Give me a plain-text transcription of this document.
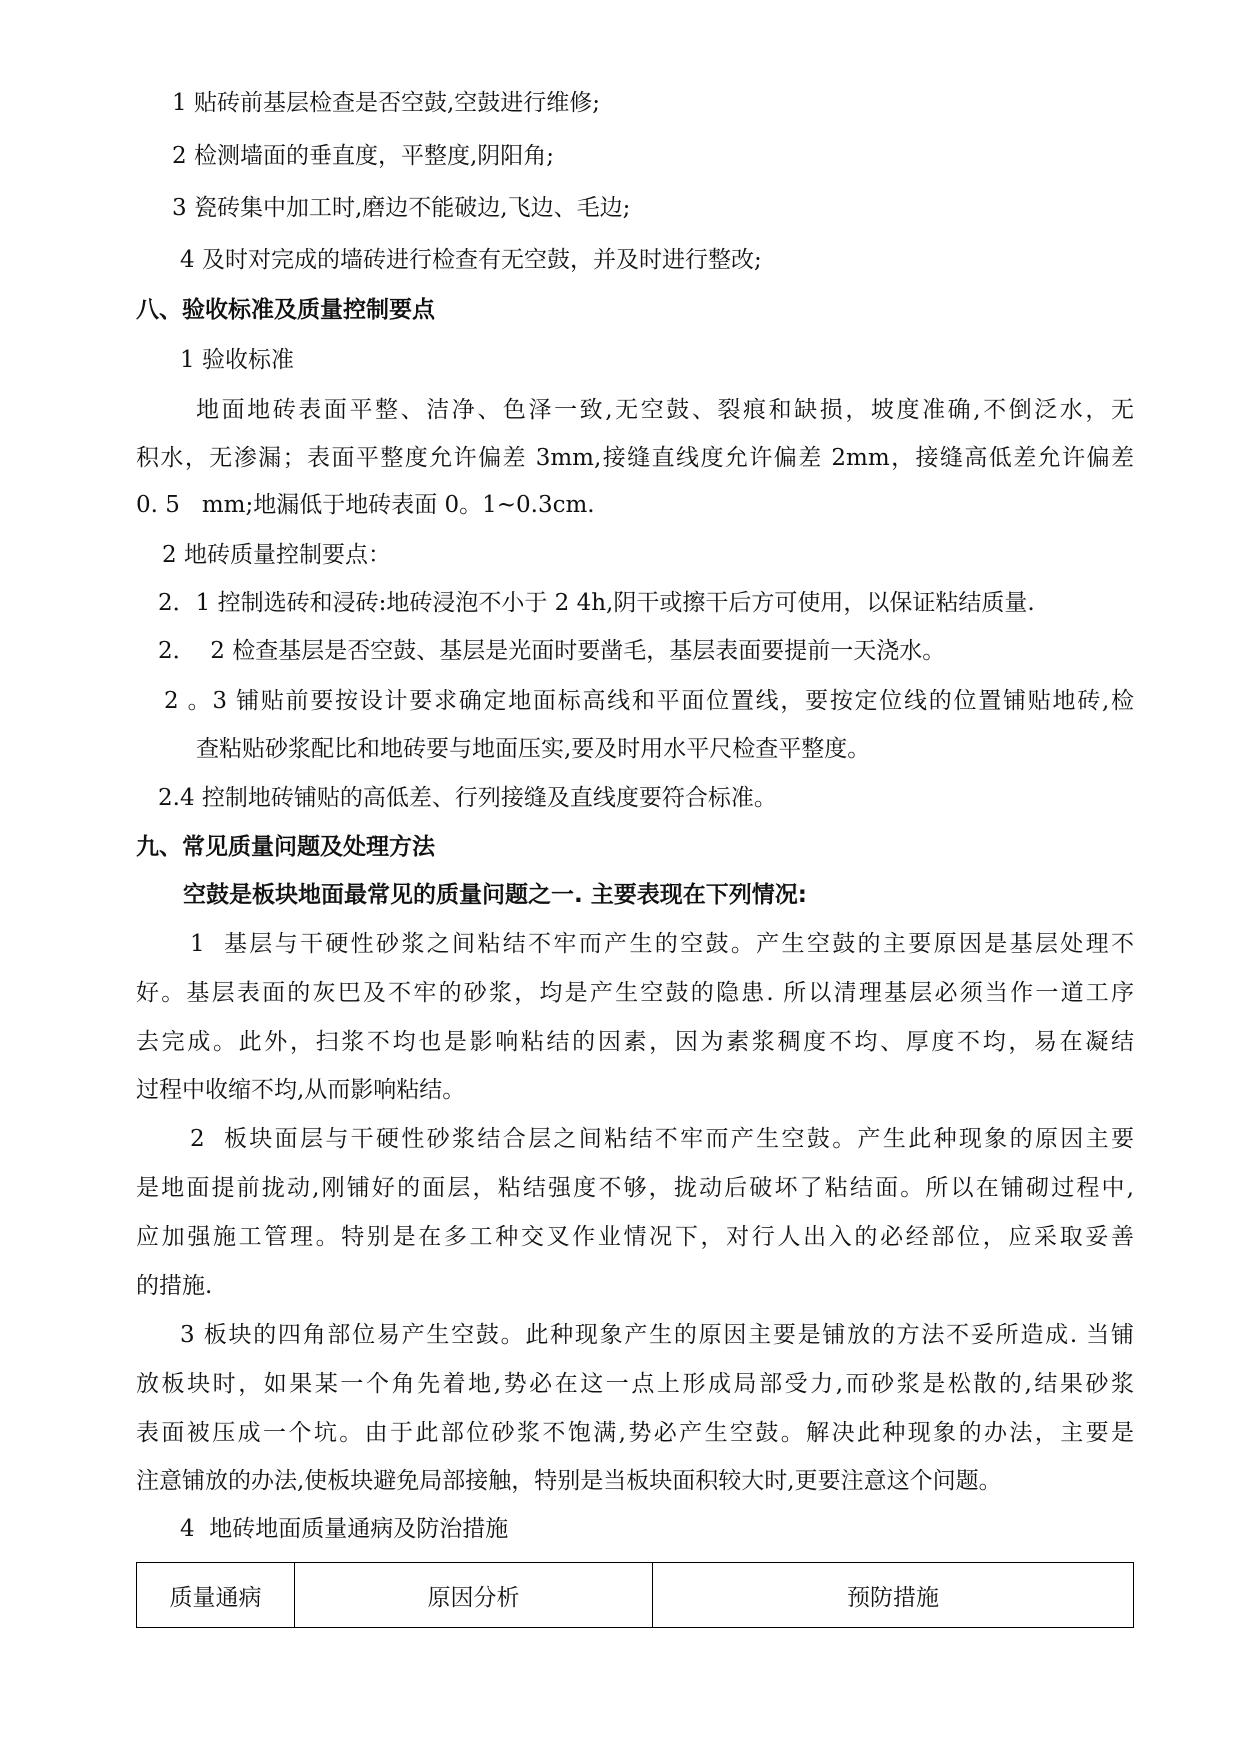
1 贴砖前基层检查是否空鼓,空鼓进行维修;

2 检测墙面的垂直度，平整度,阴阳角;

3 瓷砖集中加工时,磨边不能破边,飞边、毛边;

4 及时对完成的墙砖进行检查有无空鼓，并及时进行整改;

八、验收标准及质量控制要点

1 验收标准

地面地砖表面平整、洁净、色泽一致,无空鼓、裂痕和缺损，坡度准确,不倒泛水，无

积水，无渗漏；表面平整度允许偏差 3mm,接缝直线度允许偏差 2mm，接缝高低差允许偏差

0. 5   mm;地漏低于地砖表面 0。1~0.3cm.

2 地砖质量控制要点：

2．1 控制选砖和浸砖:地砖浸泡不小于 2 4h,阴干或擦干后方可使用，以保证粘结质量.

2．  2 检查基层是否空鼓、基层是光面时要凿毛，基层表面要提前一天浇水。

2 。3 铺贴前要按设计要求确定地面标高线和平面位置线，要按定位线的位置铺贴地砖,检

查粘贴砂浆配比和地砖要与地面压实,要及时用水平尺检查平整度。

2.4 控制地砖铺贴的高低差、行列接缝及直线度要符合标准。

九、常见质量问题及处理方法

空鼓是板块地面最常见的质量问题之一. 主要表现在下列情况:

1  基层与干硬性砂浆之间粘结不牢而产生的空鼓。产生空鼓的主要原因是基层处理不

好。基层表面的灰巴及不牢的砂浆，均是产生空鼓的隐患. 所以清理基层必须当作一道工序

去完成。此外，扫浆不均也是影响粘结的因素，因为素浆稠度不均、厚度不均，易在凝结

过程中收缩不均,从而影响粘结。

2  板块面层与干硬性砂浆结合层之间粘结不牢而产生空鼓。产生此种现象的原因主要

是地面提前拢动,刚铺好的面层，粘结强度不够，拢动后破坏了粘结面。所以在铺砌过程中,

应加强施工管理。特别是在多工种交叉作业情况下，对行人出入的必经部位，应采取妥善

的措施.

3 板块的四角部位易产生空鼓。此种现象产生的原因主要是铺放的方法不妥所造成. 当铺

放板块时，如果某一个角先着地,势必在这一点上形成局部受力,而砂浆是松散的,结果砂浆

表面被压成一个坑。由于此部位砂浆不饱满,势必产生空鼓。解决此种现象的办法，主要是

注意铺放的办法,使板块避免局部接触，特别是当板块面积较大时,更要注意这个问题。

4  地砖地面质量通病及防治措施

质量通病	原因分析	预防措施
